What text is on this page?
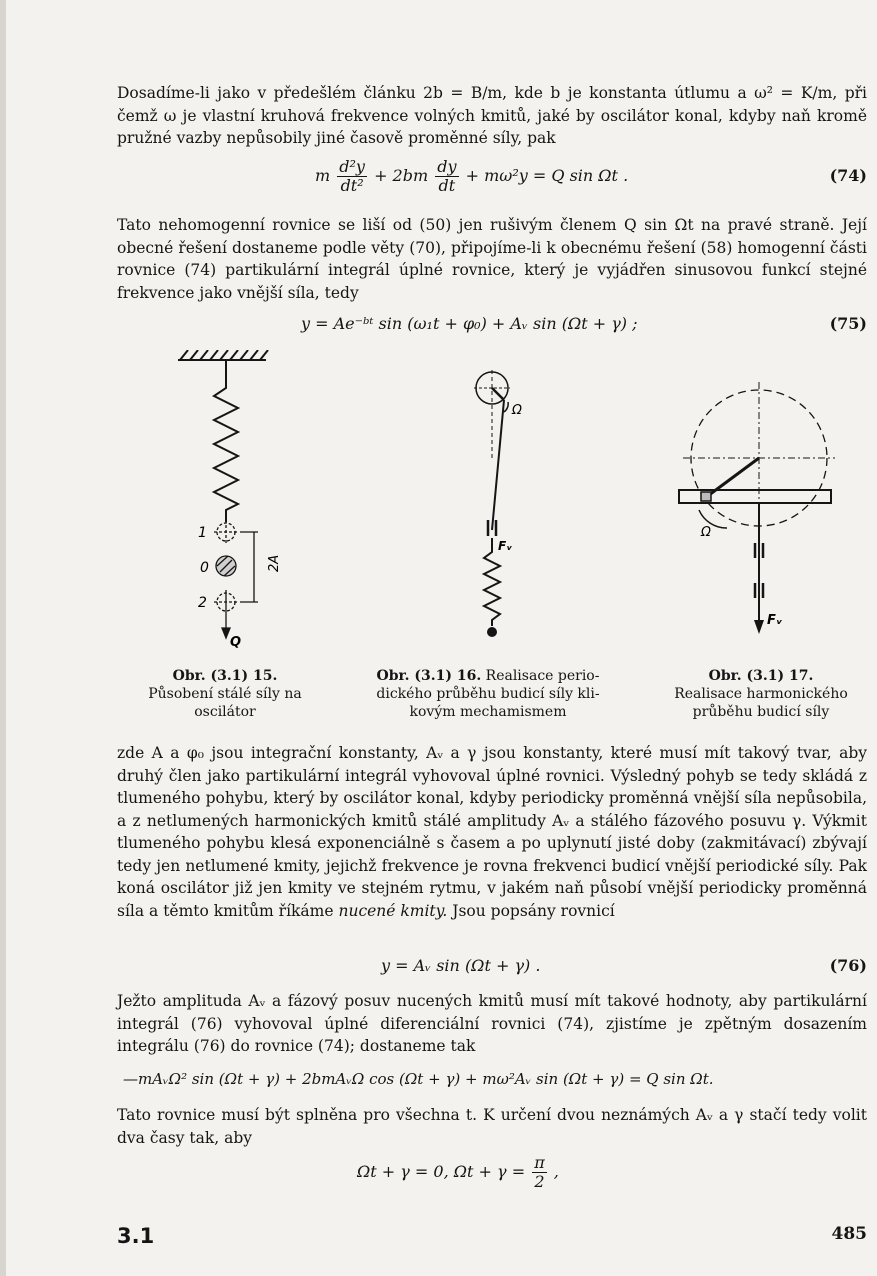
Dosadíme-li jako v předešlém článku 2b = B/m, kde b je konstanta útlumu a ω² = K/m, při čemž ω je vlastní kruhová frekvence volných kmitů, jaké by oscilátor konal, kdyby naň kromě pružné vazby nepůsobily jiné časově proměnné síly, pak
m $\frac{\text{d²y}}{\text{dt²}} + 2bm \frac{dy}{dt} + m\omega^2y = Q$ sin Ωt .	(74)
Tato nehomogenní rovnice se liší od (50) jen rušivým členem Q sin Ωt na pravé straně. Její obecné řešení dostaneme podle věty (70), připojíme-li k obecnému řešení (58) homogenní části rovnice (74) partikulární integrál úplné rovnice, který je vyjádřen sinusovou funkcí stejné frekvence jako vnější síla, tedy
y = Ae⁻ᵇᵗ sin (ω₁t + φ₀) + Aᵥ sin (Ωt + γ) ;	(75)
1
0
2
2A
Q
Ω
Fᵥ
Ω
Fᵥ
Obr. (3.1) 15.
Působení stálé síly na
oscilátor
Obr. (3.1) 16. Realisace perio-
dického průběhu budicí síly kli-
kovým mechamismem
Obr. (3.1) 17.
Realisace harmonického
průběhu budicí síly
zde A a φ₀ jsou integrační konstanty, Aᵥ a γ jsou konstanty, které musí mít takový tvar, aby druhý člen jako partikulární integrál vyhovoval úplné rovnici. Výsledný pohyb se tedy skládá z tlumeného pohybu, který by oscilátor konal, kdyby periodicky proměnná vnější síla nepůsobila, a z netlumených harmonických kmitů stálé amplitudy Aᵥ a stálého fázového posuvu γ. Výkmit tlumeného pohybu klesá exponenciálně s časem a po uplynutí jisté doby (zakmitávací) zbývají tedy jen netlumené kmity, jejichž frekvence je rovna frekvenci budicí vnější periodické síly. Pak koná oscilátor již jen kmity ve stejném rytmu, v jakém naň působí vnější periodicky proměnná síla a těmto kmitům říkáme nucené kmity. Jsou popsány rovnicí
y = Aᵥ sin (Ωt + γ) .	(76)
Ježto amplituda Aᵥ a fázový posuv nucených kmitů musí mít takové hodnoty, aby partikulární integrál (76) vyhovoval úplné diferenciální rovnici (74), zjistíme je zpětným dosazením integrálu (76) do rovnice (74); dostaneme tak
—mAᵥΩ² sin (Ωt + γ) + 2bmAᵥΩ cos (Ωt + γ) + mω²Aᵥ sin (Ωt + γ) = Q sin Ωt.
Tato rovnice musí být splněna pro všechna t. K určení dvou neznámých Aᵥ a γ stačí tedy volit dva časy tak, aby
Ωt + γ = 0, $\Omega t + \gamma = \frac{\pi}{2}$ ,
3.1	485
